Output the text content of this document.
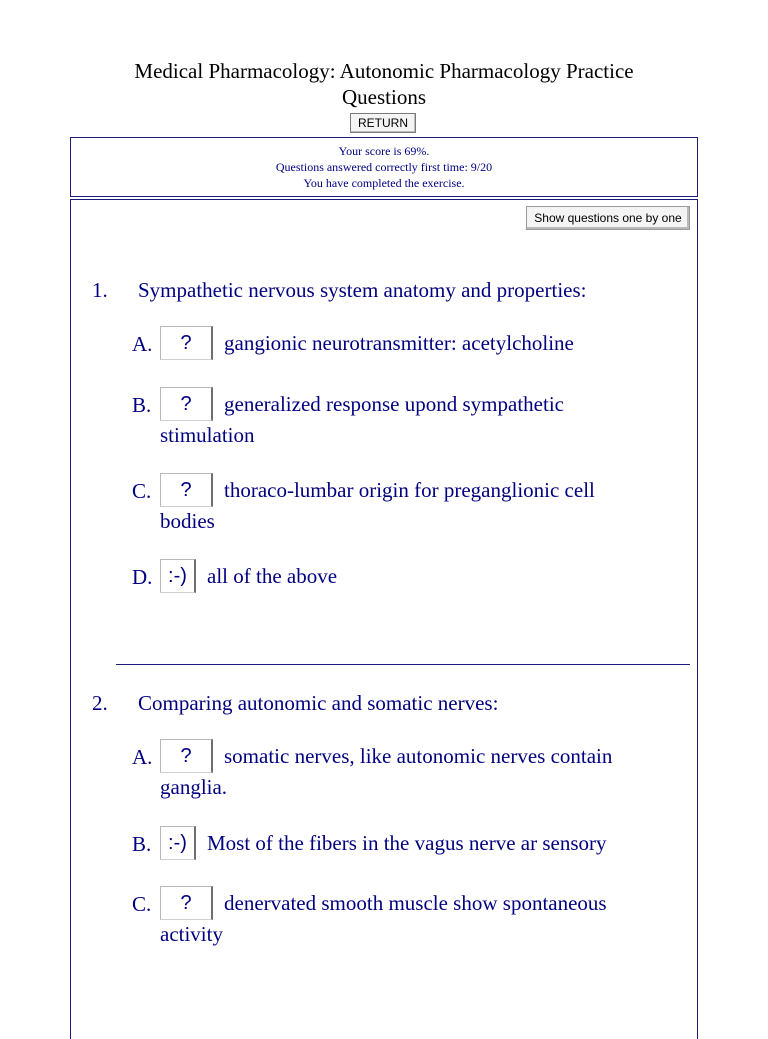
Medical Pharmacology: Autonomic Pharmacology Practice
Questions
RETURN
Your score is 69%.
Questions answered correctly first time: 9/20
You have completed the exercise.
Show questions one by one
1. Sympathetic nervous system anatomy and properties:
A.	?	gangionic neurotransmitter: acetylcholine
B.	?	generalized response upond sympathetic
stimulation
C.	?	thoraco-lumbar origin for preganglionic cell
bodies
D. :-) all of the above
2. Comparing autonomic and somatic nerves:
A.	?	somatic nerves, like autonomic nerves contain
ganglia.
B. :-) Most of the fibers in the vagus nerve ar sensory
C.	?	denervated smooth muscle show spontaneous
activity
